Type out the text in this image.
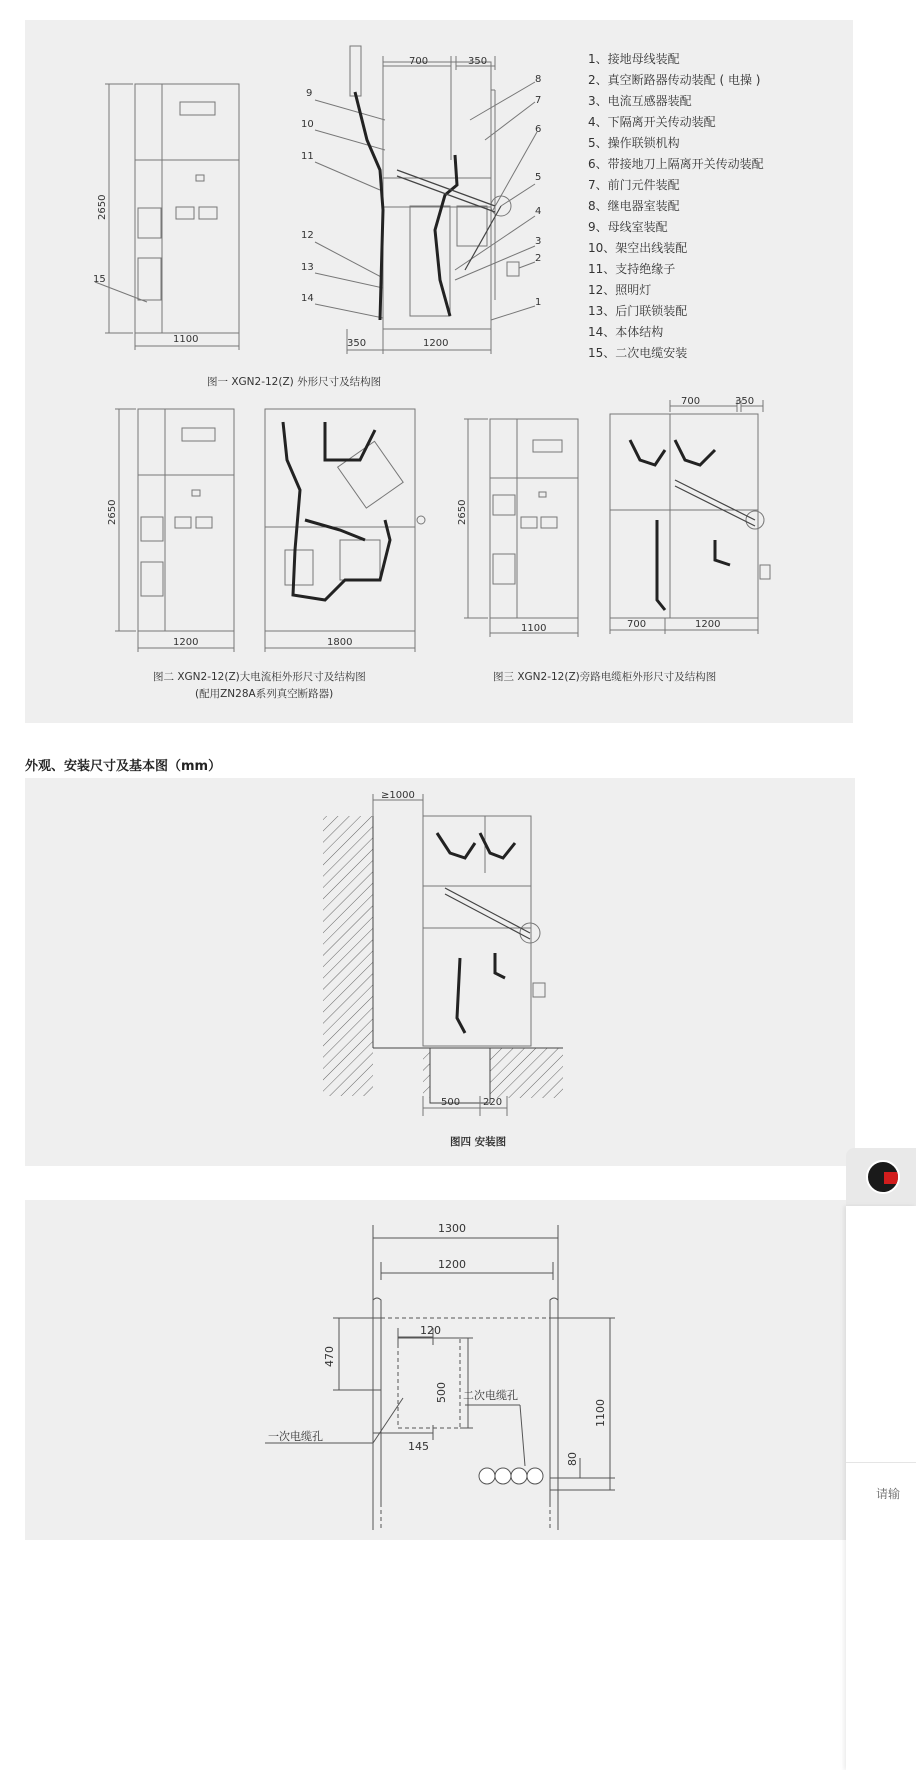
700	350
2650
1100	350	1200
8
7
6
5
4
3
2
1
9
10
11
12
13
14
15
1、接地母线装配
2、真空断路器传动装配 ( 电操 )
3、电流互感器装配
4、下隔离开关传动装配
5、操作联锁机构
6、带接地刀上隔离开关传动装配
7、前门元件装配
8、继电器室装配
9、母线室装配
10、架空出线装配
11、支持绝缘子
12、照明灯
13、后门联锁装配
14、本体结构
15、二次电缆安装
图一 XGN2-12(Z) 外形尺寸及结构图
2650
1200	1800
图二 XGN2-12(Z)大电流柜外形尺寸及结构图
(配用ZN28A系列真空断路器)
2650
1100
700	350
700	1200
图三 XGN2-12(Z)旁路电缆柜外形尺寸及结构图
外观、安装尺寸及基本图（mm）
≥1000
500 220
图四 安装图
1300
1200
120
470
500
145
1100
80
二次电缆孔
一次电缆孔
请输
